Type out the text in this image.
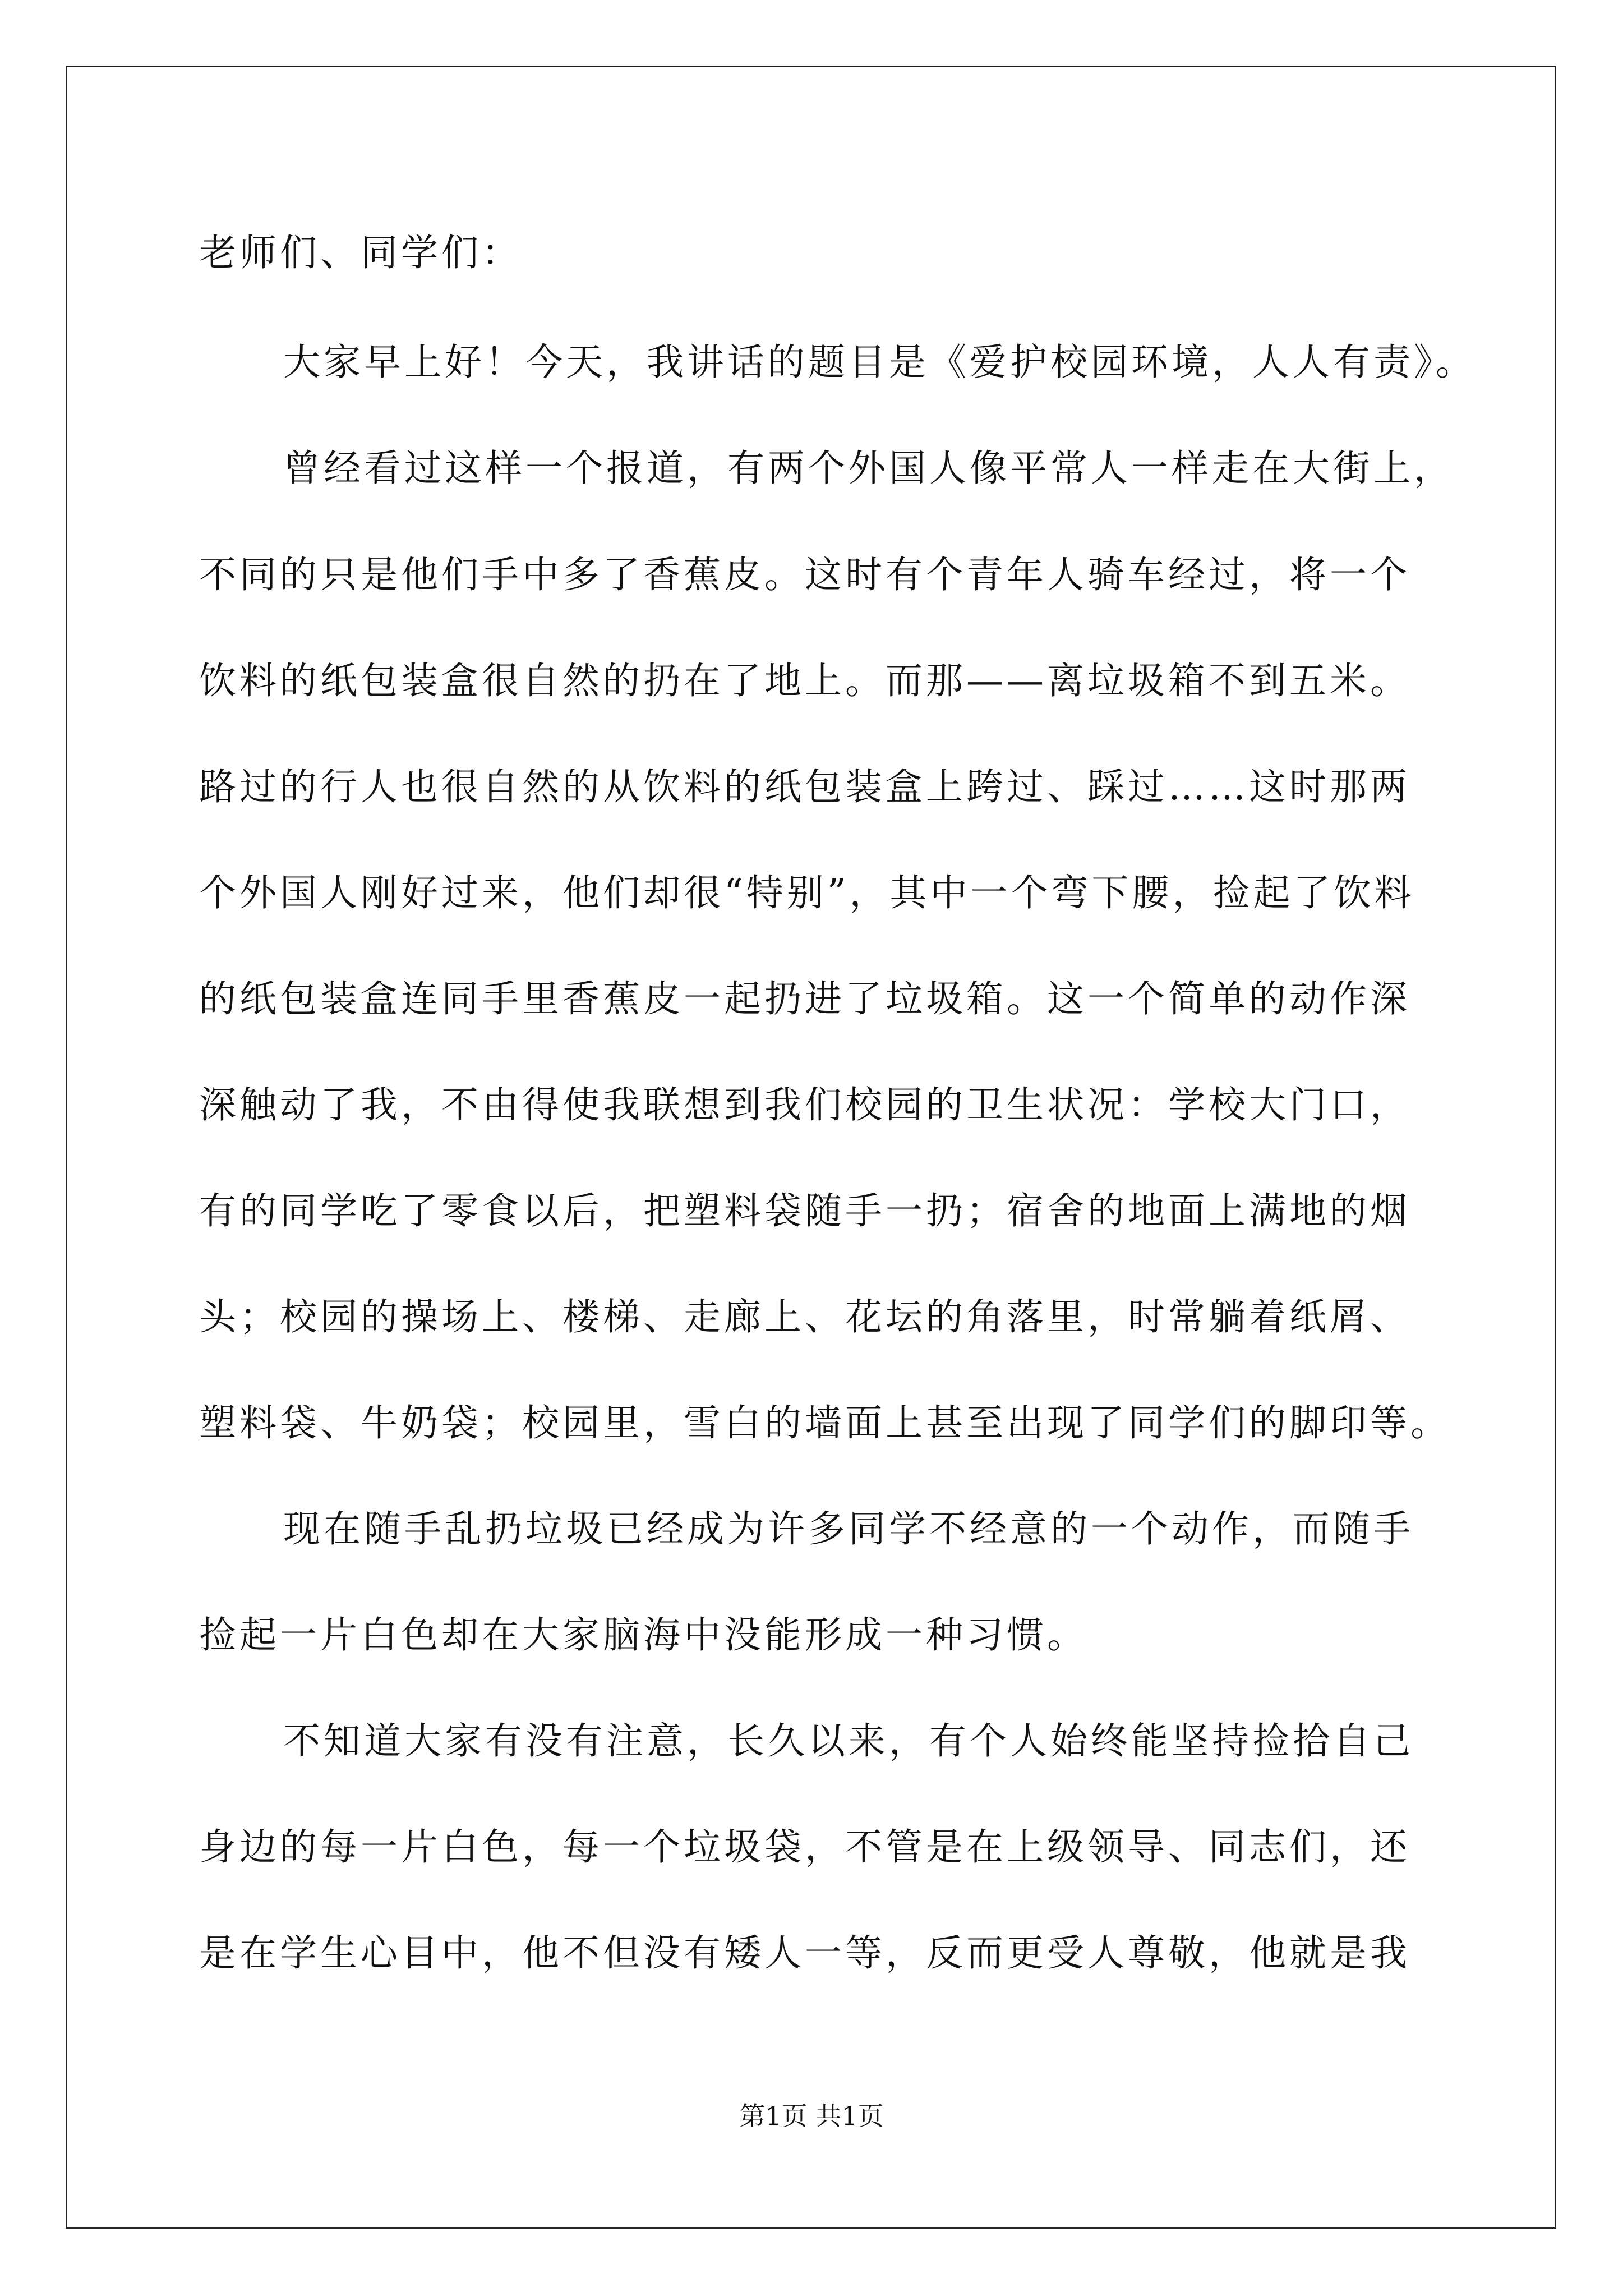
老师们、同学们：
大家早上好！今天，我讲话的题目是《爱护校园环境，人人有责》。
曾经看过这样一个报道，有两个外国人像平常人一样走在大街上，
不同的只是他们手中多了香蕉皮。这时有个青年人骑车经过，将一个
饮料的纸包装盒很自然的扔在了地上。而那——离垃圾箱不到五米。
路过的行人也很自然的从饮料的纸包装盒上跨过、踩过……这时那两
个外国人刚好过来，他们却很“特别”，其中一个弯下腰，捡起了饮料
的纸包装盒连同手里香蕉皮一起扔进了垃圾箱。这一个简单的动作深
深触动了我，不由得使我联想到我们校园的卫生状况：学校大门口，
有的同学吃了零食以后，把塑料袋随手一扔；宿舍的地面上满地的烟
头；校园的操场上、楼梯、走廊上、花坛的角落里，时常躺着纸屑、
塑料袋、牛奶袋；校园里，雪白的墙面上甚至出现了同学们的脚印等。
现在随手乱扔垃圾已经成为许多同学不经意的一个动作，而随手
捡起一片白色却在大家脑海中没能形成一种习惯。
不知道大家有没有注意，长久以来，有个人始终能坚持捡拾自己
身边的每一片白色，每一个垃圾袋，不管是在上级领导、同志们，还
是在学生心目中，他不但没有矮人一等，反而更受人尊敬，他就是我
第1页 共1页
